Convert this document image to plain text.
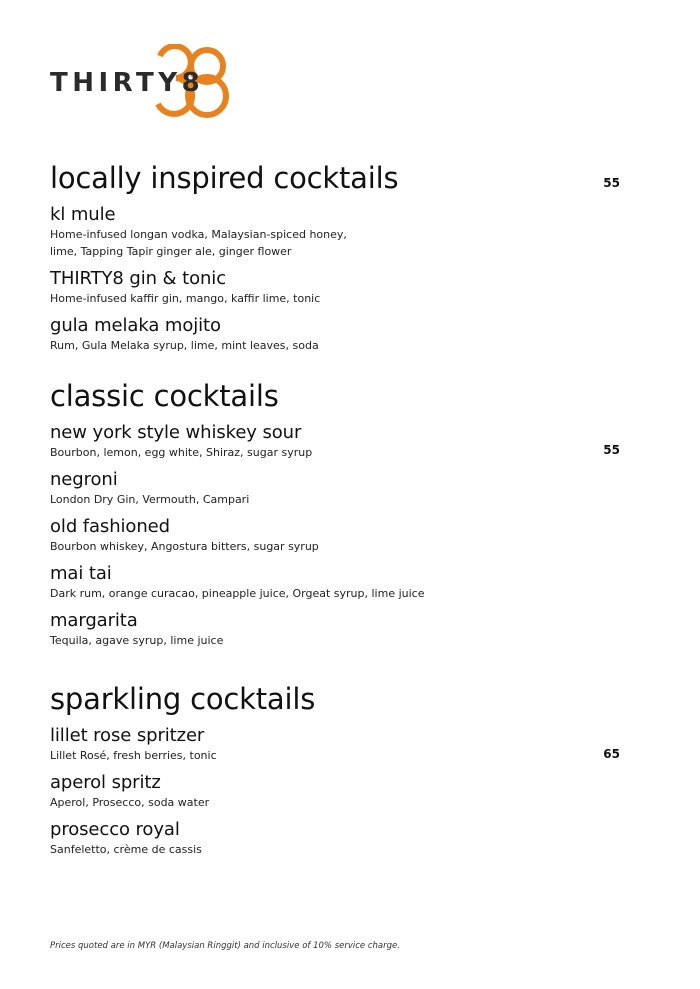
THIRTY8
locally inspired cocktails	55
kl mule
Home-infused longan vodka, Malaysian-spiced honey,
lime, Tapping Tapir ginger ale, ginger flower
THIRTY8 gin & tonic
Home-infused kaffir gin, mango, kaffir lime, tonic
gula melaka mojito
Rum, Gula Melaka syrup, lime, mint leaves, soda
classic cocktails
55
new york style whiskey sour
Bourbon, lemon, egg white, Shiraz, sugar syrup
negroni
London Dry Gin, Vermouth, Campari
old fashioned
Bourbon whiskey, Angostura bitters, sugar syrup
mai tai
Dark rum, orange curacao, pineapple juice, Orgeat syrup, lime juice
margarita
Tequila, agave syrup, lime juice
sparkling cocktails
65
lillet rose spritzer
Lillet Rosé, fresh berries, tonic
aperol spritz
Aperol, Prosecco, soda water
prosecco royal
Sanfeletto, crème de cassis
Prices quoted are in MYR (Malaysian Ringgit) and inclusive of 10% service charge.
